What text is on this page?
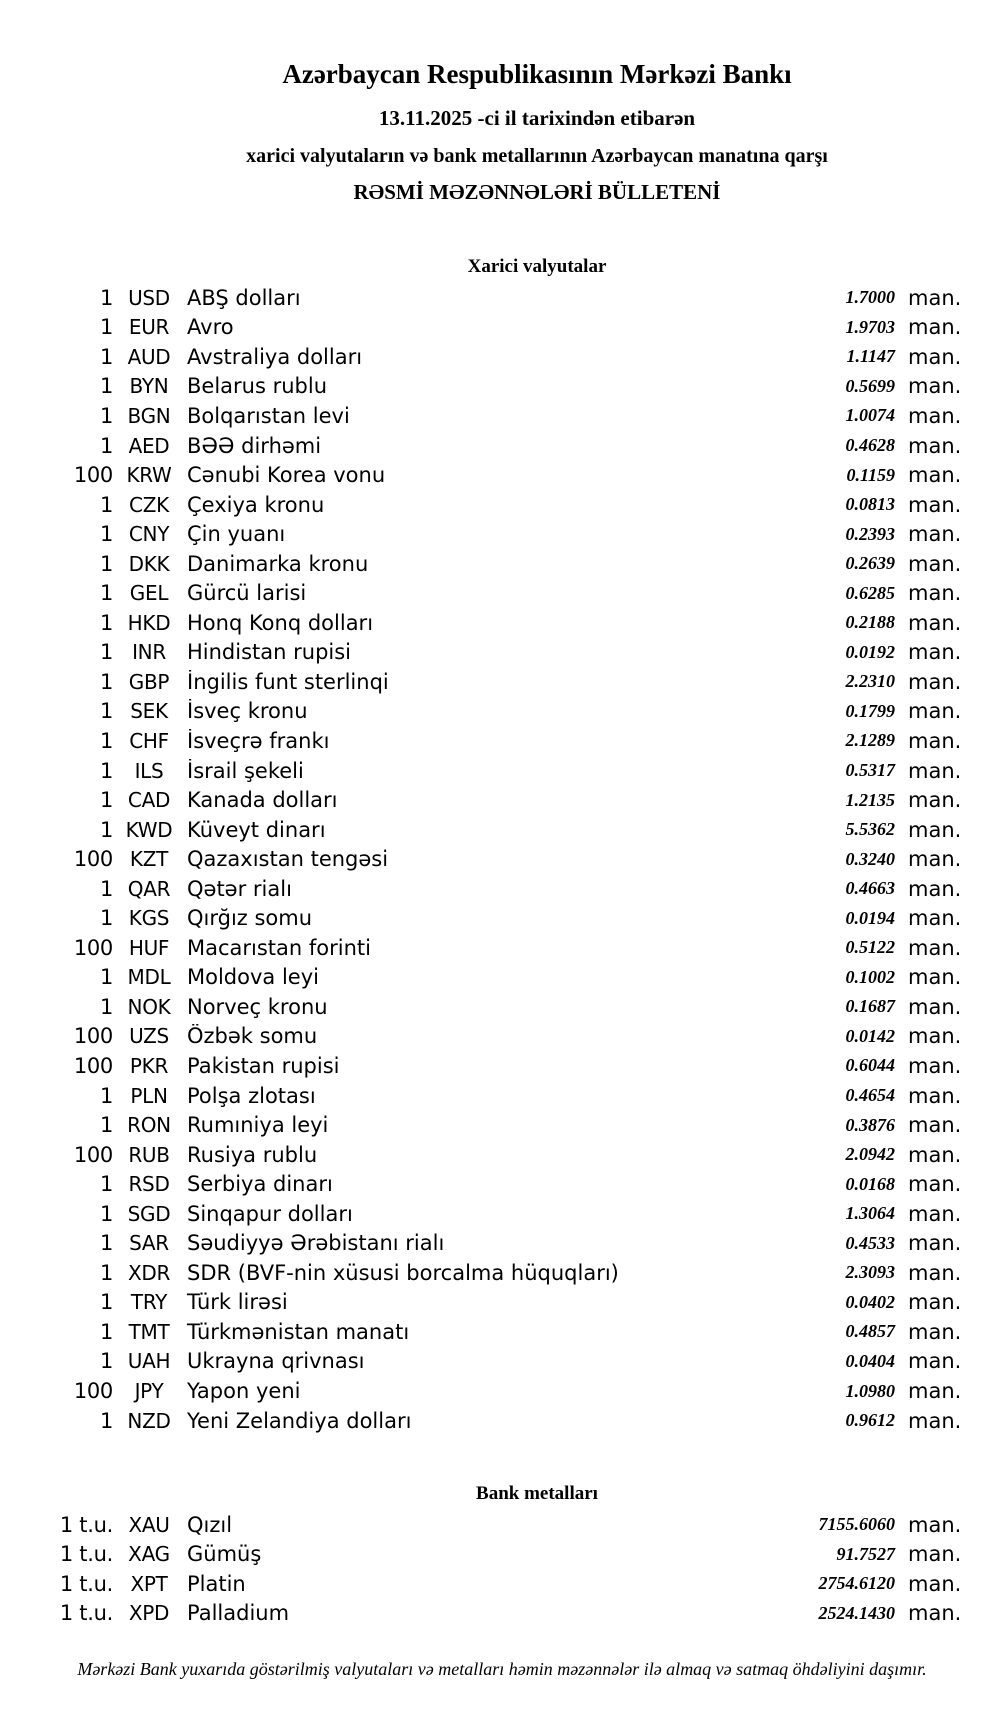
Azərbaycan Respublikasının Mərkəzi Bankı
13.11.2025 -ci il tarixindən etibarən
xarici valyutaların və bank metallarının Azərbaycan manatına qarşı
RƏSMİ MƏZƏNNƏLƏRİ BÜLLETENİ
Xarici valyutalar
1 USD ABŞ dolları	1.7000 man.
1 EUR Avro	1.9703 man.
1 AUD Avstraliya dolları	1.1147 man.
1 BYN Belarus rublu	0.5699 man.
1 BGN Bolqarıstan levi	1.0074 man.
1 AED BƏƏ dirhəmi	0.4628 man.
100 KRW Cənubi Korea vonu	0.1159 man.
1 CZK Çexiya kronu	0.0813 man.
1 CNY Çin yuanı	0.2393 man.
1 DKK Danimarka kronu	0.2639 man.
1 GEL Gürcü larisi	0.6285 man.
1 HKD Honq Konq dolları	0.2188 man.
1 INR	Hindistan rupisi	0.0192 man.
1 GBP İngilis funt sterlinqi	2.2310 man.
1 SEK İsveç kronu	0.1799 man.
1 CHF İsveçrə frankı	2.1289 man.
1	ILS	İsrail şekeli	0.5317 man.
1 CAD Kanada dolları	1.2135 man.
1 KWD Küveyt dinarı	5.5362 man.
100 KZT Qazaxıstan tengəsi	0.3240 man.
1 QAR Qətər rialı	0.4663 man.
1 KGS Qırğız somu	0.0194 man.
100 HUF Macarıstan forinti	0.5122 man.
1 MDL Moldova leyi	0.1002 man.
1 NOK Norveç kronu	0.1687 man.
100 UZS Özbək somu	0.0142 man.
100 PKR Pakistan rupisi	0.6044 man.
1 PLN Polşa zlotası	0.4654 man.
1 RON Rumıniya leyi	0.3876 man.
100 RUB Rusiya rublu	2.0942 man.
1 RSD Serbiya dinarı	0.0168 man.
1 SGD Sinqapur dolları	1.3064 man.
1 SAR Səudiyyə Ərəbistanı rialı	0.4533 man.
1 XDR SDR (BVF-nin xüsusi borcalma hüquqları)	2.3093 man.
1 TRY Türk lirəsi	0.0402 man.
1 TMT Türkmənistan manatı	0.4857 man.
1 UAH Ukrayna qrivnası	0.0404 man.
100	JPY	Yapon yeni	1.0980 man.
1 NZD Yeni Zelandiya dolları	0.9612 man.
Bank metalları
1 t.u. XAU Qızıl	7155.6060 man.
1 t.u. XAG Gümüş	91.7527 man.
1 t.u. XPT Platin	2754.6120 man.
1 t.u. XPD Palladium	2524.1430 man.
Mərkəzi Bank yuxarıda göstərilmiş valyutaları və metalları həmin məzənnələr ilə almaq və satmaq öhdəliyini daşımır.
